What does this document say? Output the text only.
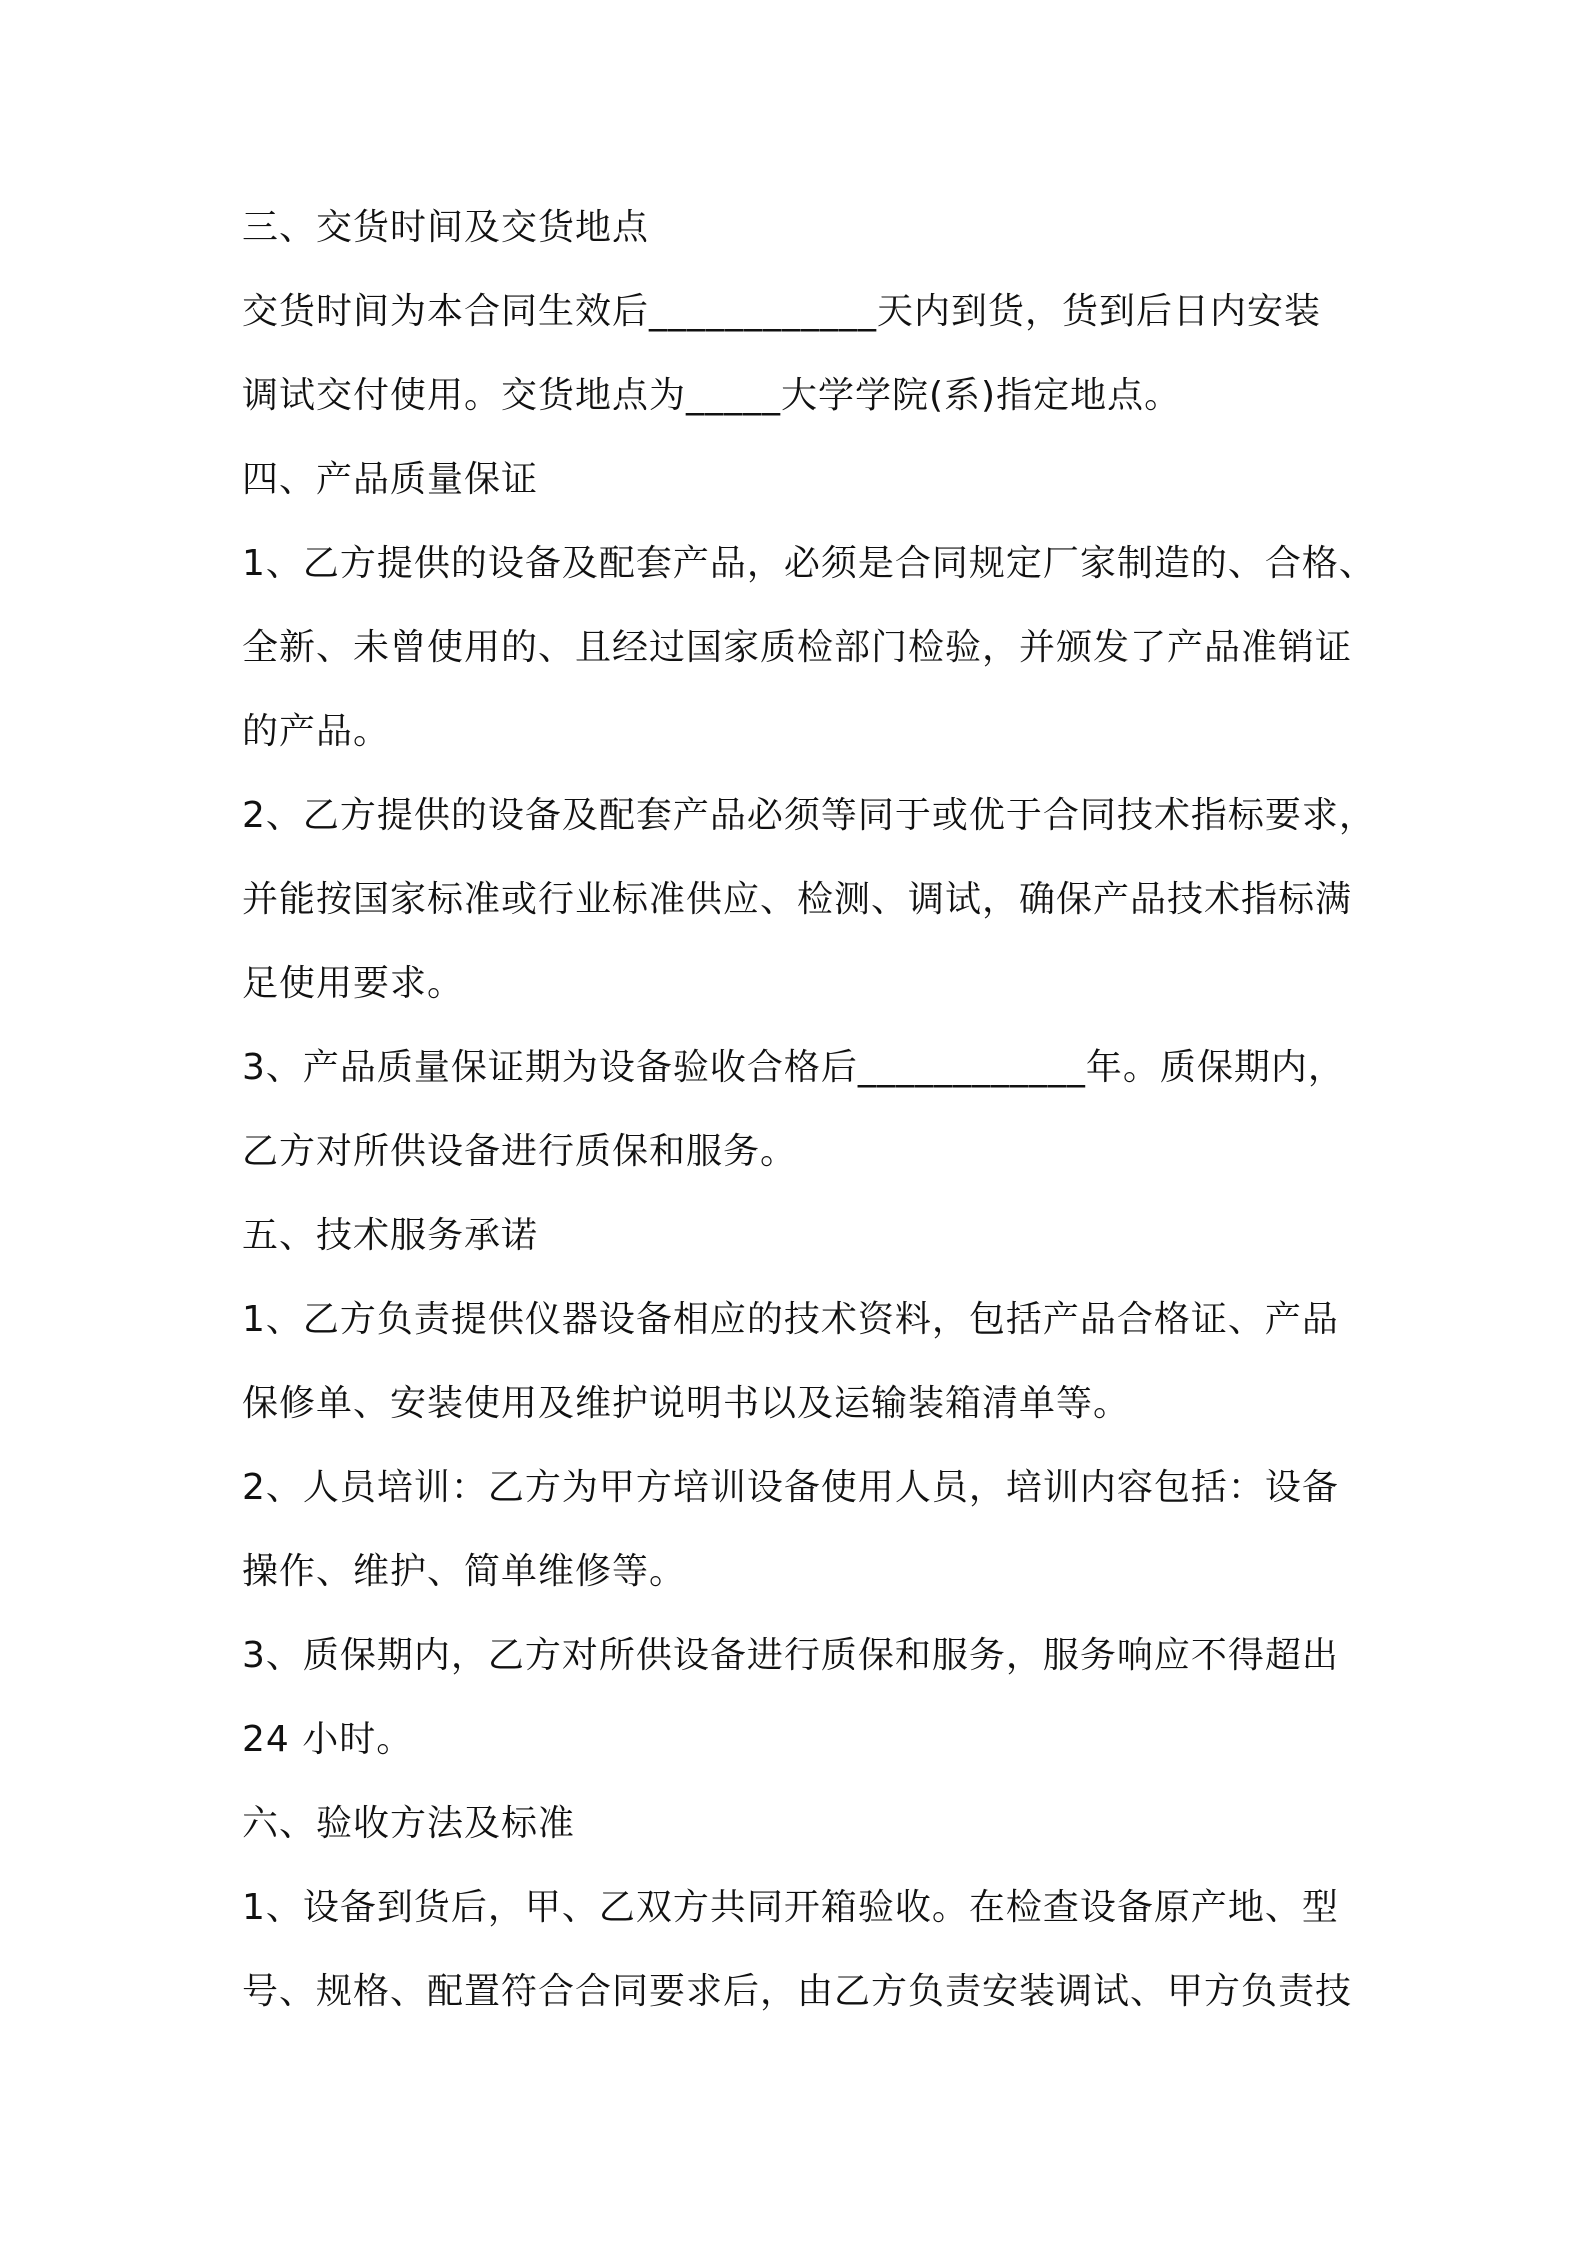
三、交货时间及交货地点
交货时间为本合同生效后____________天内到货，货到后日内安装
调试交付使用。交货地点为_____大学学院(系)指定地点。
四、产品质量保证
1、乙方提供的设备及配套产品，必须是合同规定厂家制造的、合格、
全新、未曾使用的、且经过国家质检部门检验，并颁发了产品准销证
的产品。
2、乙方提供的设备及配套产品必须等同于或优于合同技术指标要求，
并能按国家标准或行业标准供应、检测、调试，确保产品技术指标满
足使用要求。
3、产品质量保证期为设备验收合格后____________年。质保期内，
乙方对所供设备进行质保和服务。
五、技术服务承诺
1、乙方负责提供仪器设备相应的技术资料，包括产品合格证、产品
保修单、安装使用及维护说明书以及运输装箱清单等。
2、人员培训：乙方为甲方培训设备使用人员，培训内容包括：设备
操作、维护、简单维修等。
3、质保期内，乙方对所供设备进行质保和服务，服务响应不得超出
24 小时。
六、验收方法及标准
1、设备到货后，甲、乙双方共同开箱验收。在检查设备原产地、型
号、规格、配置符合合同要求后，由乙方负责安装调试、甲方负责技
